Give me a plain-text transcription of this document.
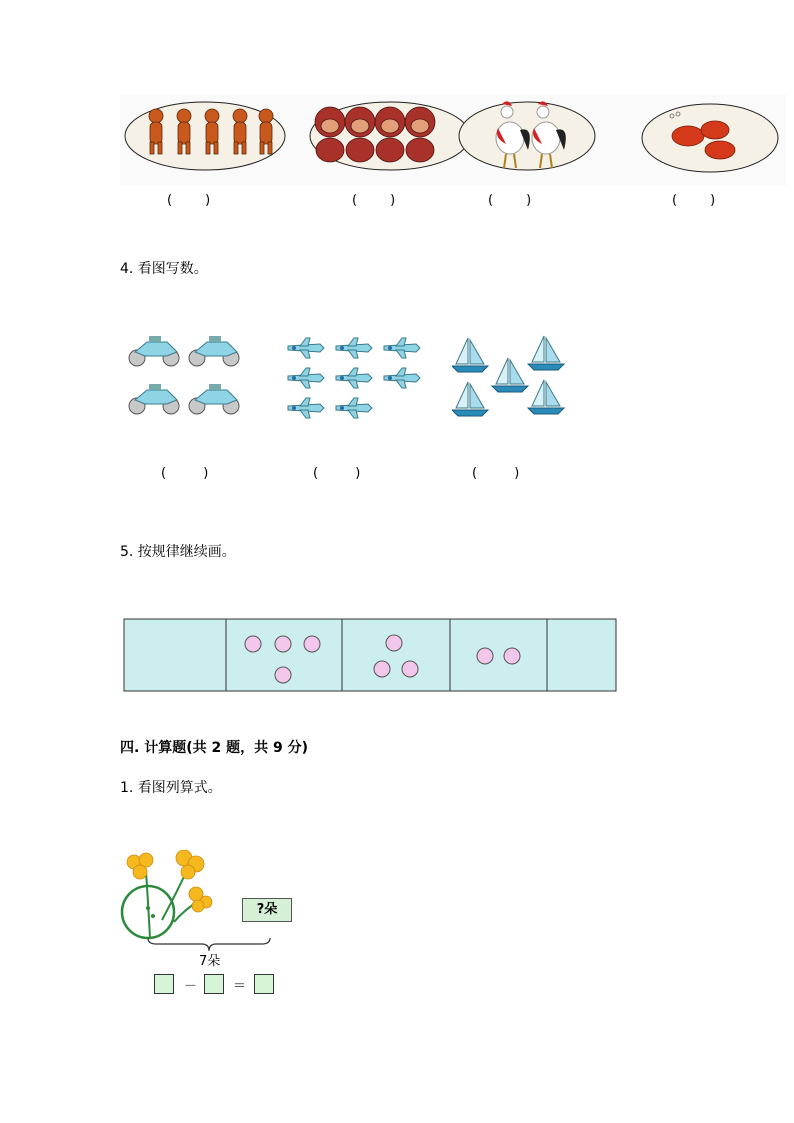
(        )	(        )	(        )	(        )
4. 看图写数。
(         )	(         )	(         )
5. 按规律继续画。
四. 计算题(共 2 题，共 9 分)
1. 看图列算式。
?朵
7朵
－	＝
